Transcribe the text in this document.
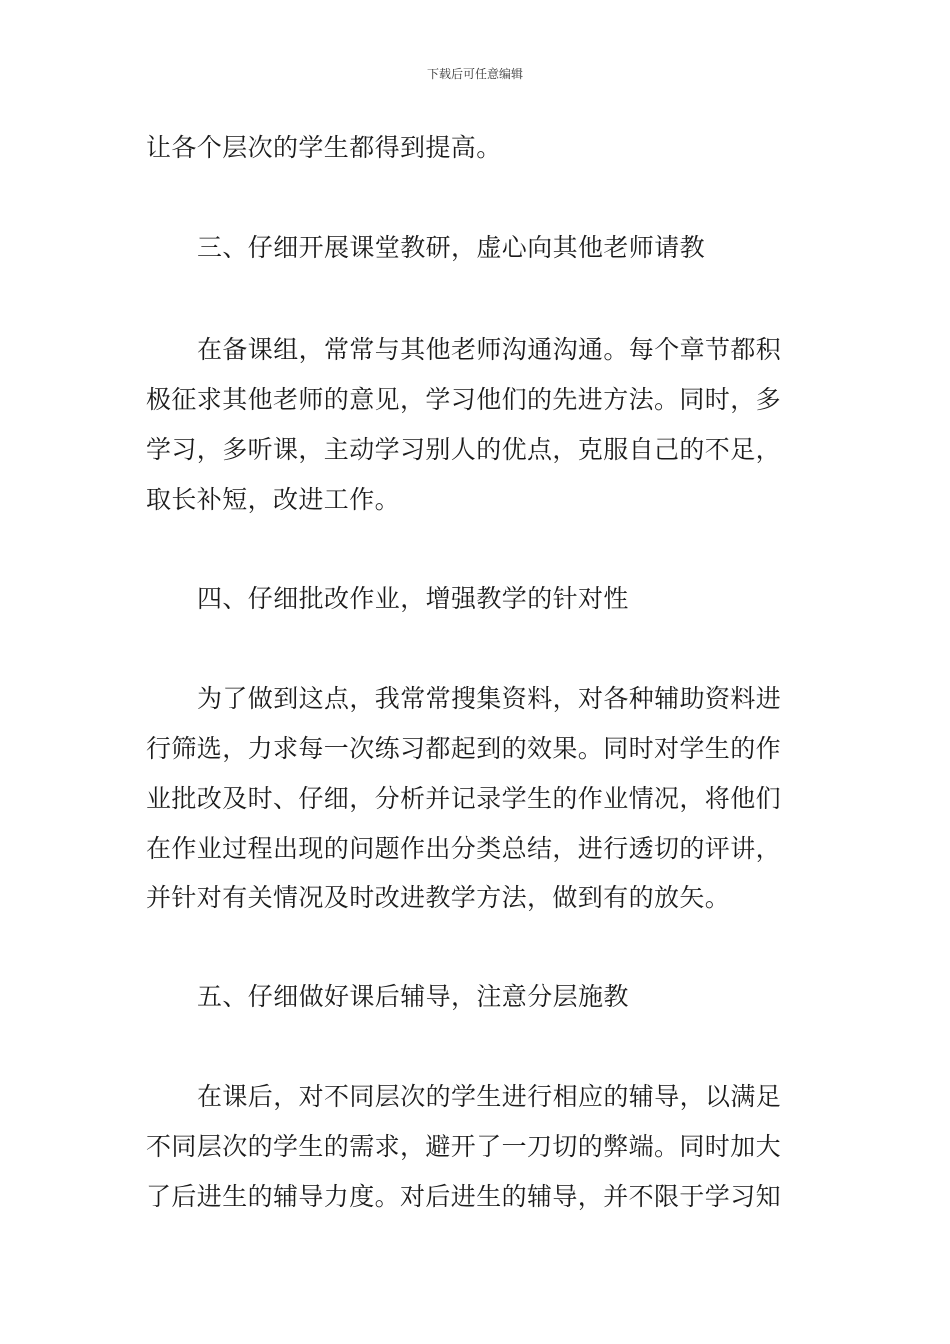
下载后可任意编辑
让各个层次的学生都得到提高。
三、仔细开展课堂教研，虚心向其他老师请教
在备课组，常常与其他老师沟通沟通。每个章节都积
极征求其他老师的意见，学习他们的先进方法。同时，多
学习，多听课，主动学习别人的优点，克服自己的不足，
取长补短，改进工作。
四、仔细批改作业，增强教学的针对性
为了做到这点，我常常搜集资料，对各种辅助资料进
行筛选，力求每一次练习都起到的效果。同时对学生的作
业批改及时、仔细，分析并记录学生的作业情况，将他们
在作业过程出现的问题作出分类总结，进行透切的评讲，
并针对有关情况及时改进教学方法，做到有的放矢。
五、仔细做好课后辅导，注意分层施教
在课后，对不同层次的学生进行相应的辅导，以满足
不同层次的学生的需求，避开了一刀切的弊端。同时加大
了后进生的辅导力度。对后进生的辅导，并不限于学习知
